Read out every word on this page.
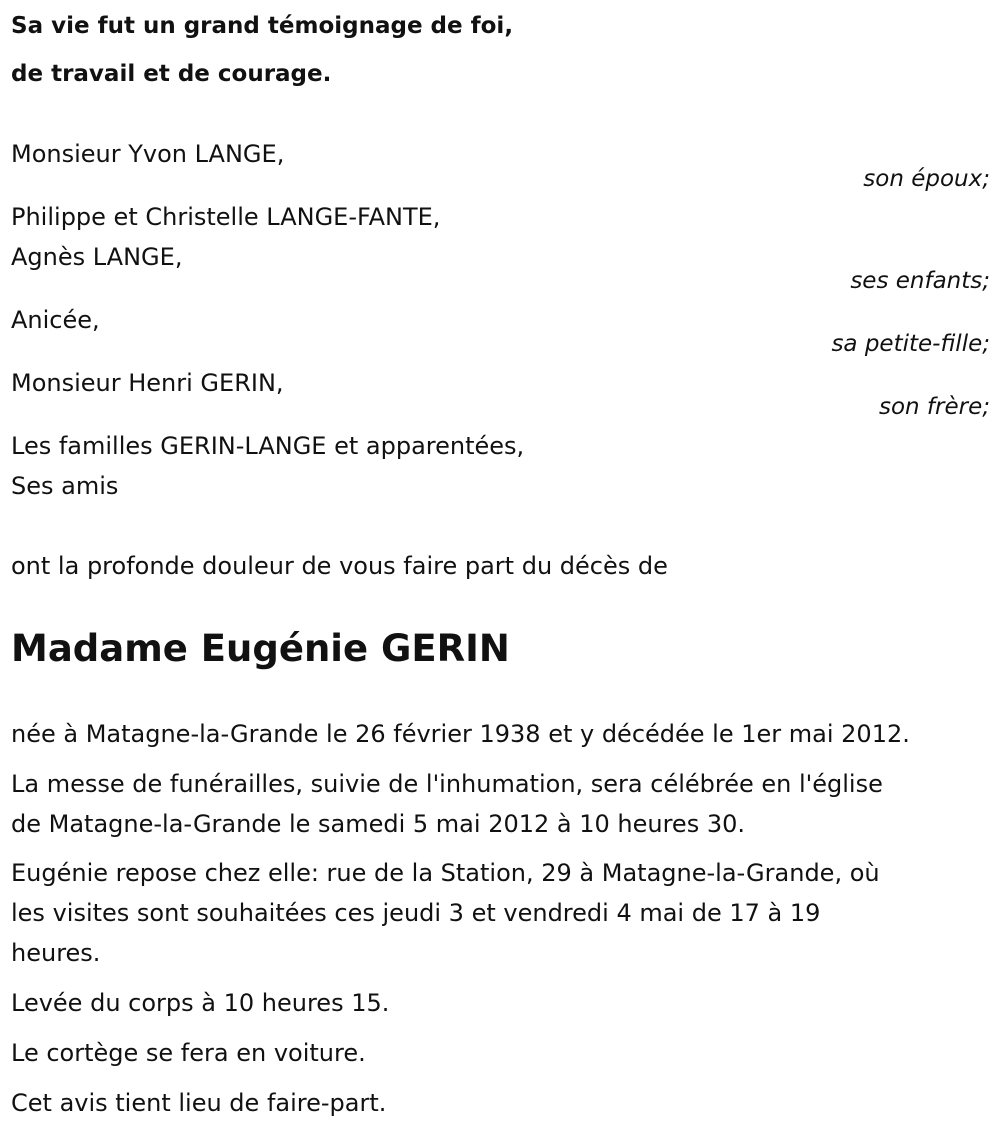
Sa vie fut un grand témoignage de foi,
de travail et de courage.
Monsieur Yvon LANGE,
son époux;
Philippe et Christelle LANGE-FANTE,
Agnès LANGE,
ses enfants;
Anicée,
sa petite-fille;
Monsieur Henri GERIN,
son frère;
Les familles GERIN-LANGE et apparentées,
Ses amis
ont la profonde douleur de vous faire part du décès de
Madame Eugénie GERIN
née à Matagne-la-Grande le 26 février 1938 et y décédée le 1er mai 2012.
La messe de funérailles, suivie de l'inhumation, sera célébrée en l'église
de Matagne-la-Grande le samedi 5 mai 2012 à 10 heures 30.
Eugénie repose chez elle: rue de la Station, 29 à Matagne-la-Grande, où
les visites sont souhaitées ces jeudi 3 et vendredi 4 mai de 17 à 19
heures.
Levée du corps à 10 heures 15.
Le cortège se fera en voiture.
Cet avis tient lieu de faire-part.
